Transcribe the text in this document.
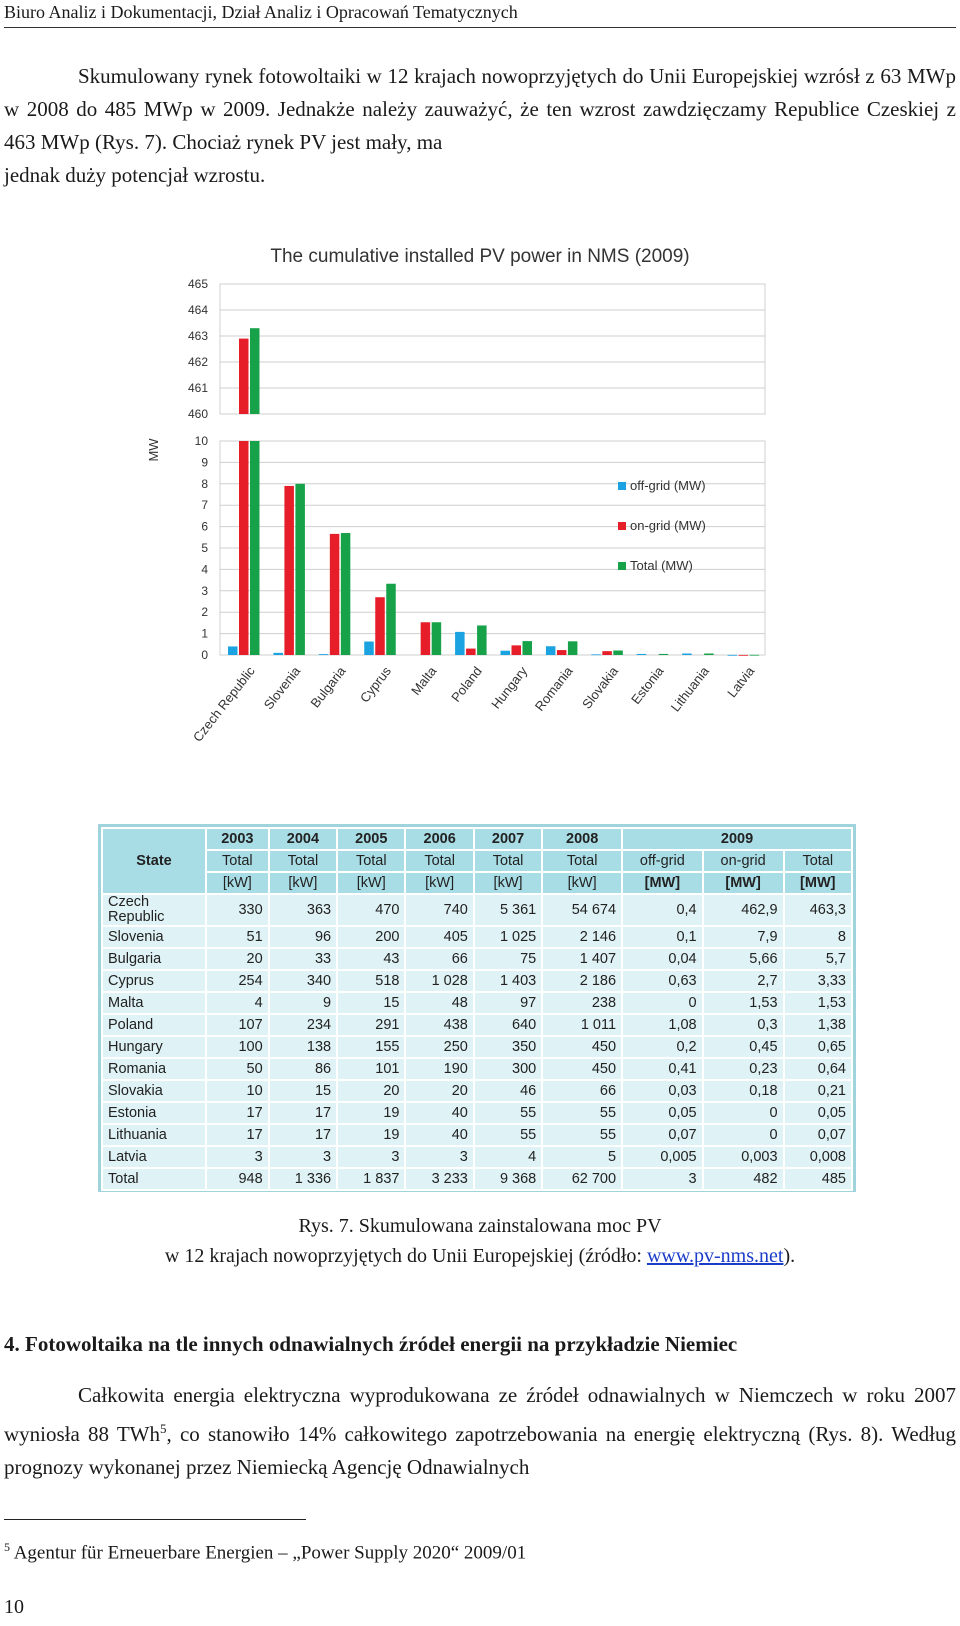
Biuro Analiz i Dokumentacji, Dział Analiz i Opracowań Tematycznych

Skumulowany rynek fotowoltaiki w 12 krajach nowoprzyjętych do Unii Europejskiej wzrósł z 63 MWp w 2008 do 485 MWp w 2009. Jednakże należy zauważyć, że ten wzrost zawdzięczamy Republice Czeskiej z 463 MWp (Rys. 7). Chociaż rynek PV jest mały, ma
jednak duży potencjał wzrostu.

The cumulative installed PV power in NMS (2009)
MW
460
461
462
463
464
465
0
1
2
3
4
5
6
7
8
9
10
Czech Republic Slovenia Bulgaria Cyprus Malta Poland Hungary Romania Slovakia Estonia Lithuania Latvia
off-grid (MW)
on-grid (MW)
Total (MW)
State	2003	2004	2005	2006	2007	2008	2009		
	Total	Total	Total	Total	Total	Total	off-grid	on-grid	Total
	[kW]	[kW]	[kW]	[kW]	[kW]	[kW]	[MW]	[MW]	[MW]
Czech
Republic	330	363	470	740	5 361	54 674	0,4	462,9	463,3
Slovenia	51	96	200	405	1 025	2 146	0,1	7,9	8
Bulgaria	20	33	43	66	75	1 407	0,04	5,66	5,7
Cyprus	254	340	518	1 028	1 403	2 186	0,63	2,7	3,33
Malta	4	9	15	48	97	238	0	1,53	1,53
Poland	107	234	291	438	640	1 011	1,08	0,3	1,38
Hungary	100	138	155	250	350	450	0,2	0,45	0,65
Romania	50	86	101	190	300	450	0,41	0,23	0,64
Slovakia	10	15	20	20	46	66	0,03	0,18	0,21
Estonia	17	17	19	40	55	55	0,05	0	0,05
Lithuania	17	17	19	40	55	55	0,07	0	0,07
Latvia	3	3	3	3	4	5	0,005	0,003	0,008
Total	948	1 336	1 837	3 233	9 368	62 700	3	482	485
Rys. 7. Skumulowana zainstalowana moc PV
w 12 krajach nowoprzyjętych do Unii Europejskiej (źródło: www.pv-nms.net).
4. Fotowoltaika na tle innych odnawialnych źródeł energii na przykładzie Niemiec

Całkowita energia elektryczna wyprodukowana ze źródeł odnawialnych w Niemczech w roku 2007 wyniosła 88 TWh$^5$, co stanowiło 14% całkowitego zapotrzebowania na energię elektryczną (Rys. 8). Według prognozy wykonanej przez Niemiecką Agencję Odnawialnych

$^5$ Agentur für Erneuerbare Energien – „Power Supply 2020“ 2009/01
10
